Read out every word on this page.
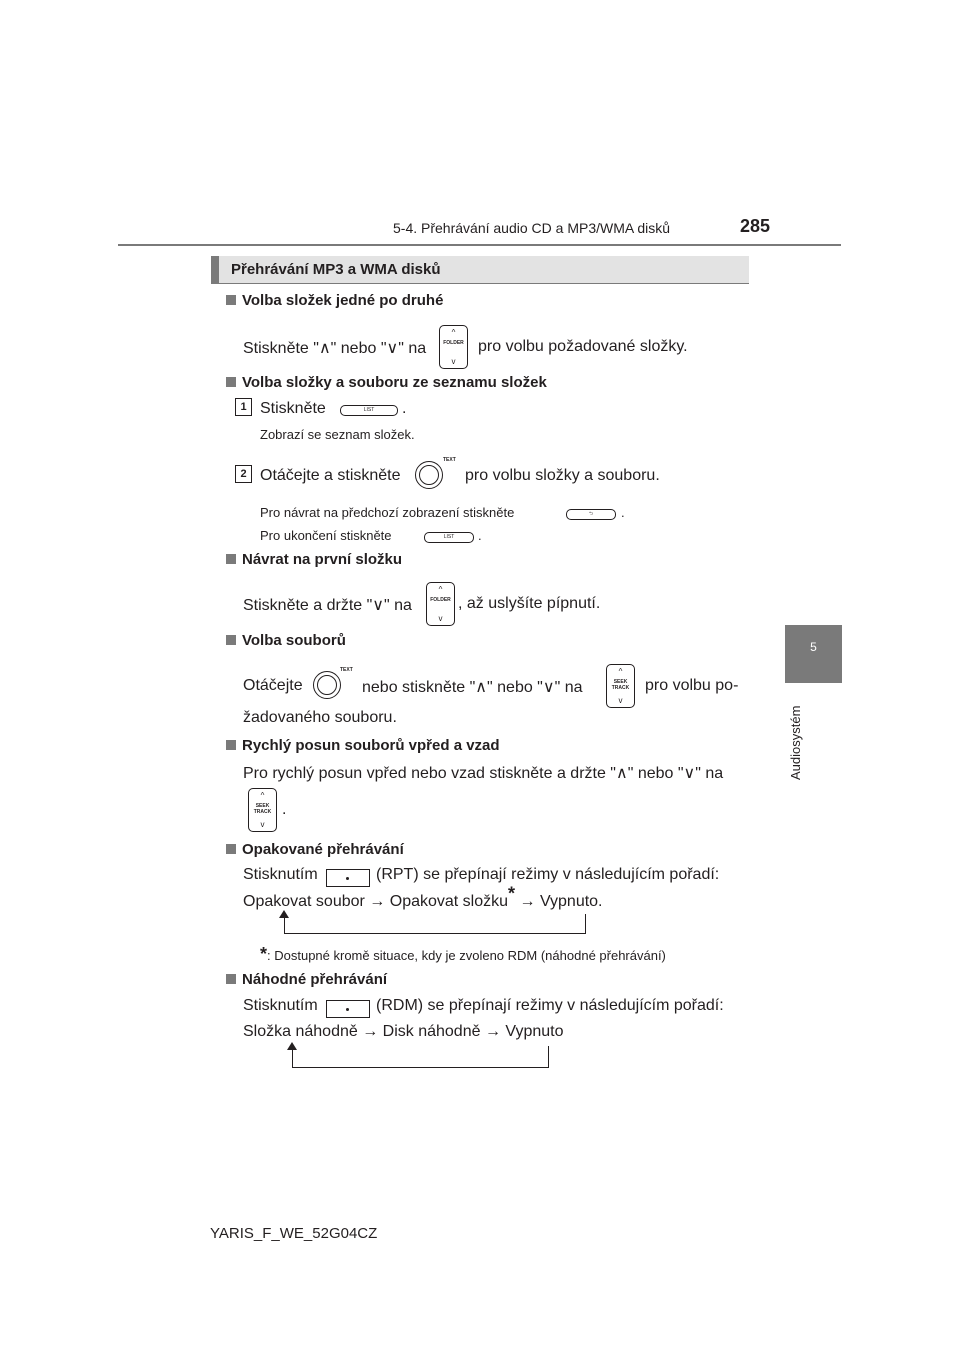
5-4. Přehrávání audio CD a MP3/WMA disků	285
5
Audiosystém
Přehrávání MP3 a WMA disků
Volba složek jedné po druhé
Stiskněte "∧" nebo "∨" na
^
FOLDER
v
pro volbu požadované složky.
Volba složky a souboru ze seznamu složek
1 Stiskněte	LIST	.
Zobrazí se seznam složek.
2 Otáčejte a stiskněte
TEXT
pro volbu složky a souboru.
Pro návrat na předchozí zobrazení stiskněte	⮌	.
Pro ukončení stiskněte	LIST	.
Návrat na první složku
Stiskněte a držte "∨" na
^
FOLDER
v
, až uslyšíte pípnutí.
Volba souborů
Otáčejte
TEXT
nebo stiskněte "∧" nebo "∨" na
^
SEEK
TRACK
v
pro volbu po-
žadovaného souboru.
Rychlý posun souborů vpřed a vzad
Pro rychlý posun vpřed nebo vzad stiskněte a držte "∧" nebo "∨" na
^
SEEK
TRACK
v
.
Opakované přehrávání
Stisknutím	(RPT) se přepínají režimy v následujícím pořadí:
Opakovat soubor → Opakovat složku* → Vypnuto.
*: Dostupné kromě situace, kdy je zvoleno RDM (náhodné přehrávání)
Náhodné přehrávání
Stisknutím	(RDM) se přepínají režimy v následujícím pořadí:
Složka náhodně → Disk náhodně → Vypnuto
YARIS_F_WE_52G04CZ
